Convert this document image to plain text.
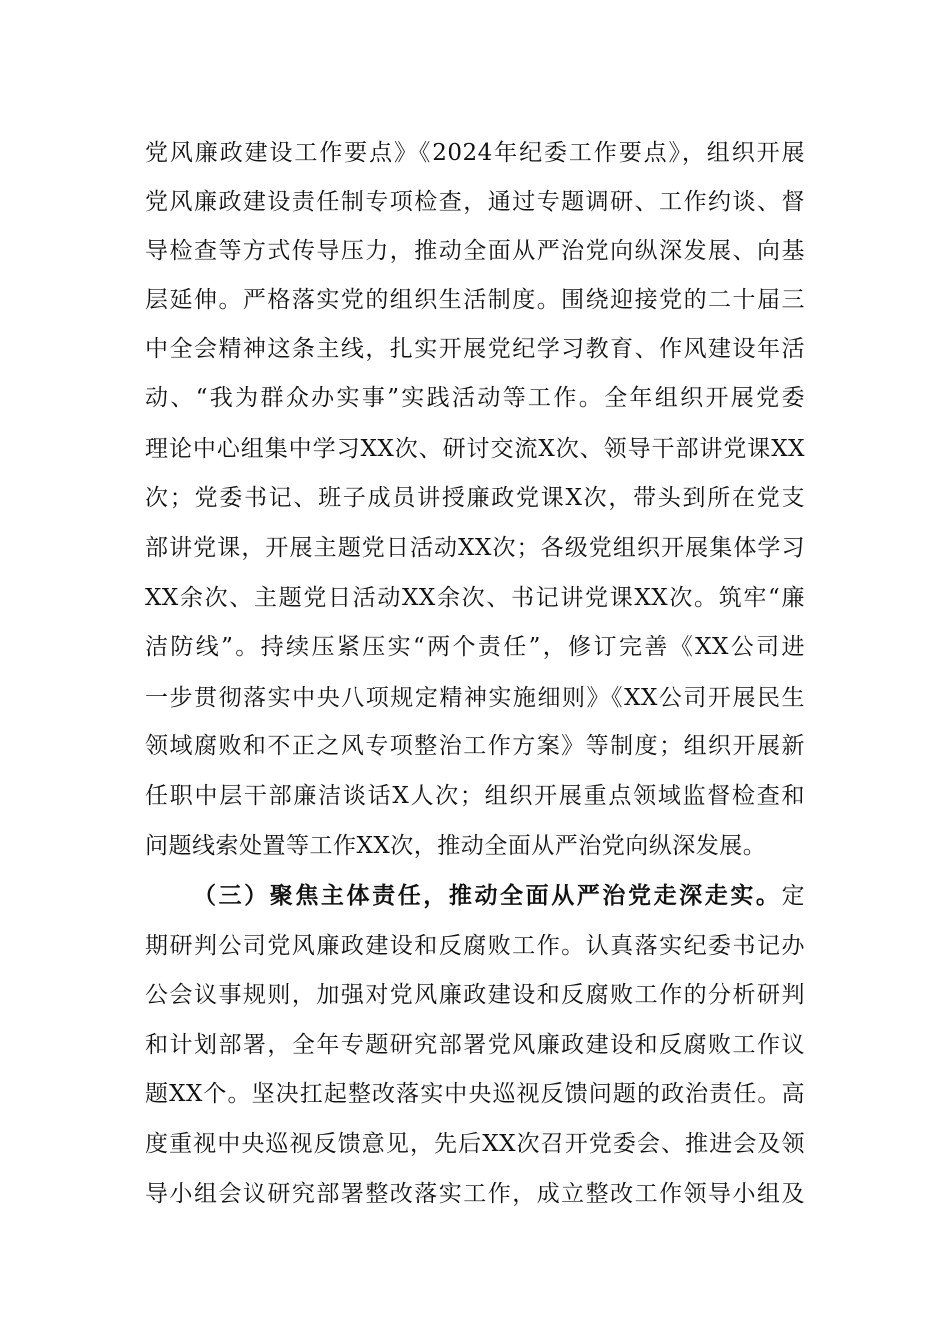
党风廉政建设工作要点》《2024年纪委工作要点》，组织开展
党风廉政建设责任制专项检查，通过专题调研、工作约谈、督
导检查等方式传导压力，推动全面从严治党向纵深发展、向基
层延伸。严格落实党的组织生活制度。围绕迎接党的二十届三
中全会精神这条主线，扎实开展党纪学习教育、作风建设年活
动、“我为群众办实事”实践活动等工作。全年组织开展党委
理论中心组集中学习XX次、研讨交流X次、领导干部讲党课XX
次；党委书记、班子成员讲授廉政党课X次，带头到所在党支
部讲党课，开展主题党日活动XX次；各级党组织开展集体学习
XX余次、主题党日活动XX余次、书记讲党课XX次。筑牢“廉
洁防线”。持续压紧压实“两个责任”，修订完善《XX公司进
一步贯彻落实中央八项规定精神实施细则》《XX公司开展民生
领域腐败和不正之风专项整治工作方案》等制度；组织开展新
任职中层干部廉洁谈话X人次；组织开展重点领域监督检查和
问题线索处置等工作XX次，推动全面从严治党向纵深发展。
（三）聚焦主体责任，推动全面从严治党走深走实。定
期研判公司党风廉政建设和反腐败工作。认真落实纪委书记办
公会议事规则，加强对党风廉政建设和反腐败工作的分析研判
和计划部署，全年专题研究部署党风廉政建设和反腐败工作议
题XX个。坚决扛起整改落实中央巡视反馈问题的政治责任。高
度重视中央巡视反馈意见，先后XX次召开党委会、推进会及领
导小组会议研究部署整改落实工作，成立整改工作领导小组及
